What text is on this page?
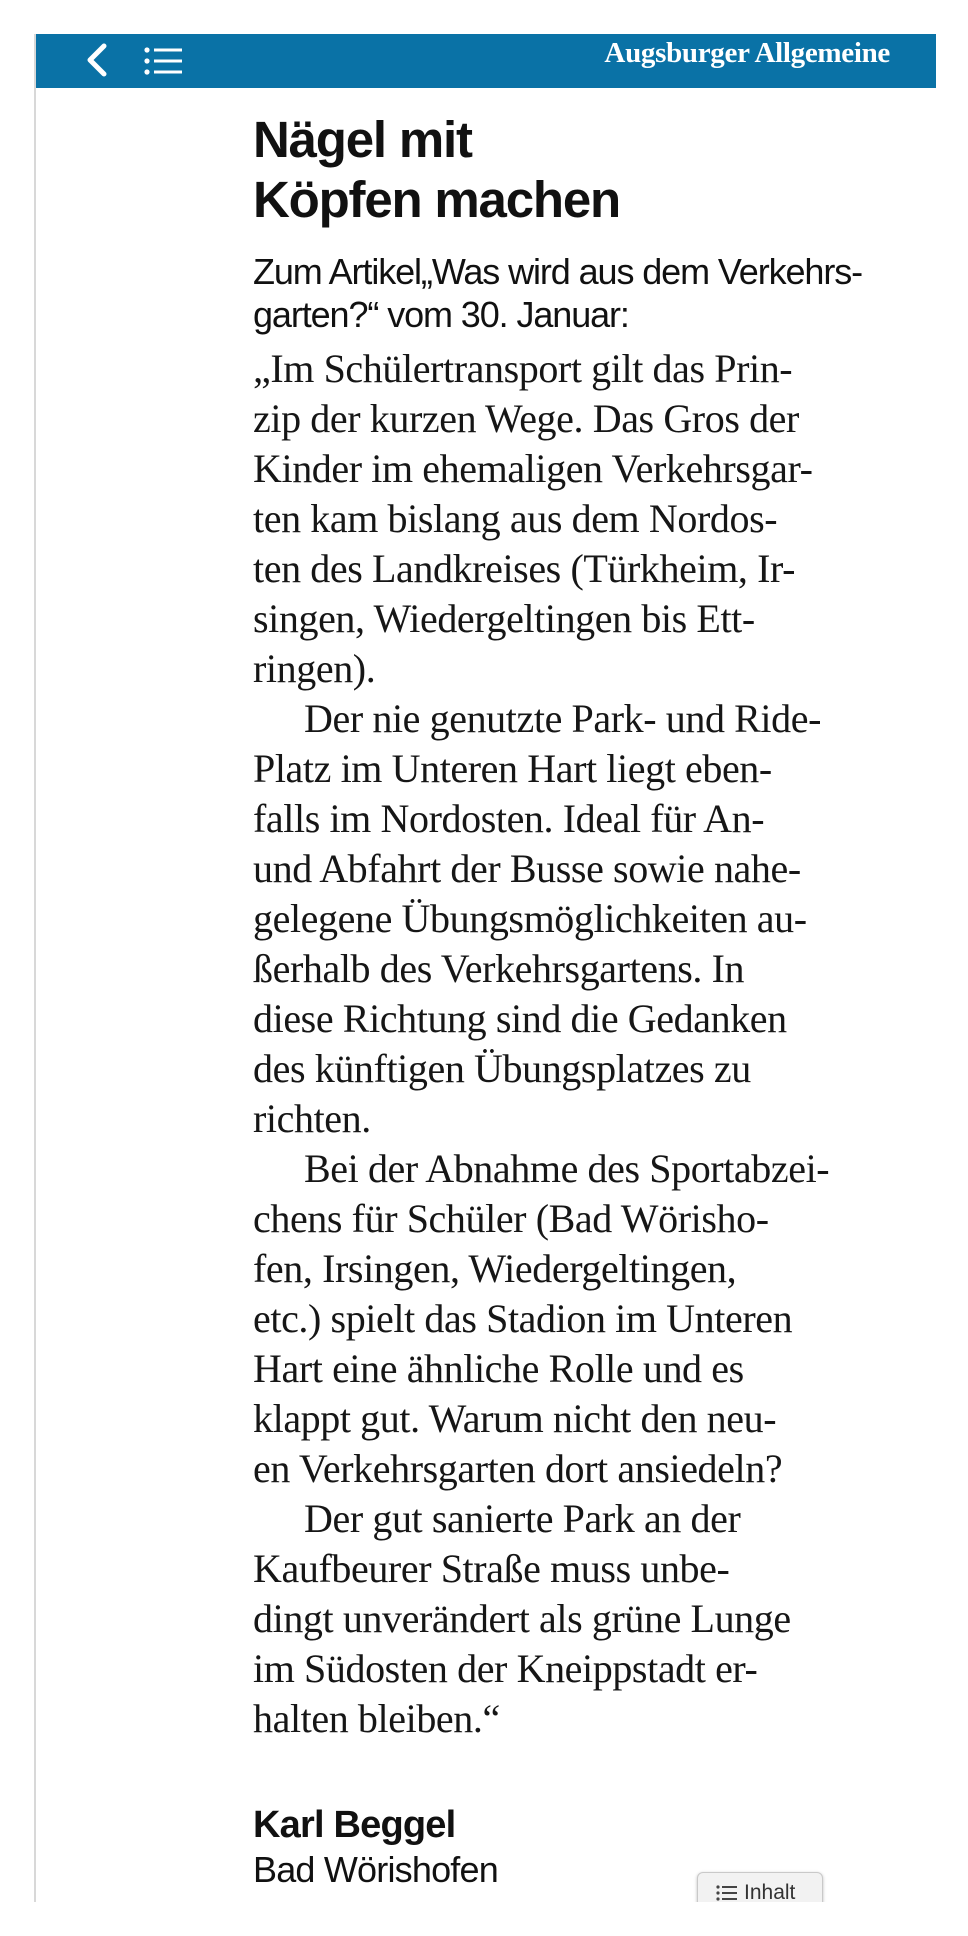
Augsburger Allgemeine
Nägel mit
Köpfen machen
Zum Artikel„Was wird aus dem Verkehrs-
garten?“ vom 30. Januar:
„Im Schülertransport gilt das Prin-
zip der kurzen Wege. Das Gros der
Kinder im ehemaligen Verkehrsgar-
ten kam bislang aus dem Nordos-
ten des Landkreises (Türkheim, Ir-
singen, Wiedergeltingen bis Ett-
ringen).
Der nie genutzte Park- und Ride-
Platz im Unteren Hart liegt eben-
falls im Nordosten. Ideal für An-
und Abfahrt der Busse sowie nahe-
gelegene Übungsmöglichkeiten au-
ßerhalb des Verkehrsgartens. In
diese Richtung sind die Gedanken
des künftigen Übungsplatzes zu
richten.
Bei der Abnahme des Sportabzei-
chens für Schüler (Bad Wörisho-
fen, Irsingen, Wiedergeltingen,
etc.) spielt das Stadion im Unteren
Hart eine ähnliche Rolle und es
klappt gut. Warum nicht den neu-
en Verkehrsgarten dort ansiedeln?
Der gut sanierte Park an der
Kaufbeurer Straße muss unbe-
dingt unverändert als grüne Lunge
im Südosten der Kneippstadt er-
halten bleiben.“
Karl Beggel
Bad Wörishofen
Inhalt
